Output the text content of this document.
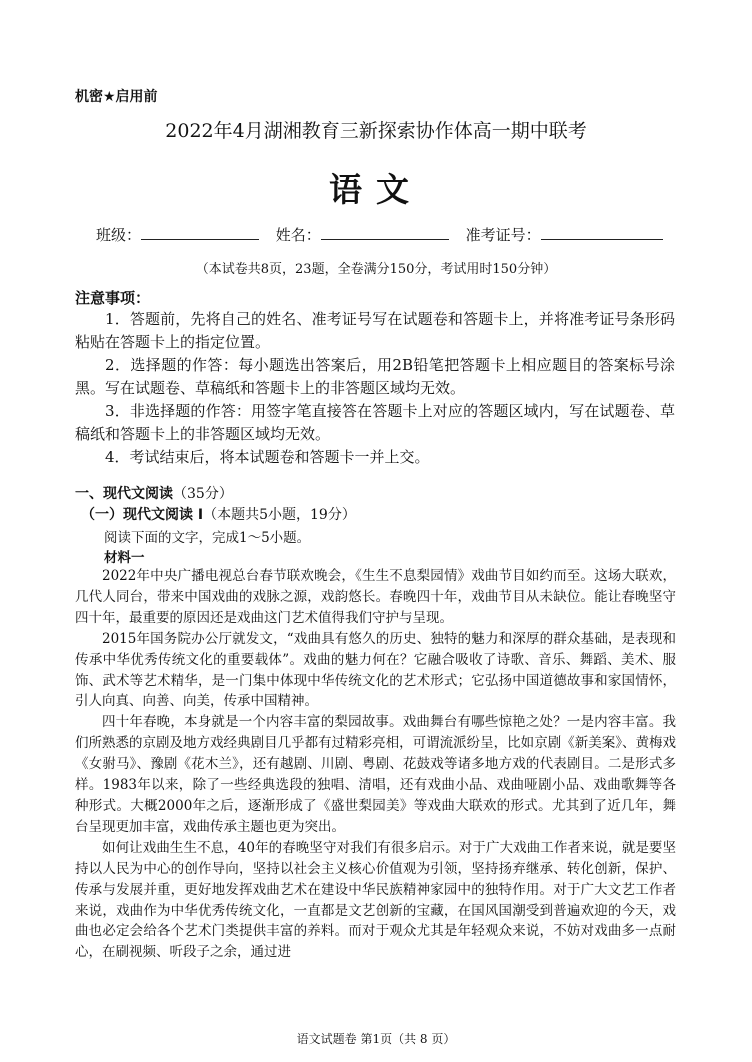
机密★启用前
2022年4月湖湘教育三新探索协作体高一期中联考
语文
班级：	姓名：	准考证号：
（本试卷共8页，23题，全卷满分150分，考试用时150分钟）
注意事项：

1．答题前，先将自己的姓名、准考证号写在试题卷和答题卡上，并将准考证号条形码粘贴在答题卡上的指定位置。

2．选择题的作答：每小题选出答案后，用2B铅笔把答题卡上相应题目的答案标号涂黑。写在试题卷、草稿纸和答题卡上的非答题区域均无效。

3．非选择题的作答：用签字笔直接答在答题卡上对应的答题区域内，写在试题卷、草稿纸和答题卡上的非答题区域均无效。

4．考试结束后，将本试题卷和答题卡一并上交。

一、现代文阅读（35分）
（一）现代文阅读 I（本题共5小题，19分）
阅读下面的文字，完成1～5小题。
材料一

2022年中央广播电视总台春节联欢晚会，《生生不息梨园情》戏曲节目如约而至。这场大联欢，几代人同台，带来中国戏曲的戏脉之源，戏韵悠长。春晚四十年，戏曲节目从未缺位。能让春晚坚守四十年，最重要的原因还是戏曲这门艺术值得我们守护与呈现。

2015年国务院办公厅就发文，“戏曲具有悠久的历史、独特的魅力和深厚的群众基础，是表现和传承中华优秀传统文化的重要载体”。戏曲的魅力何在？它融合吸收了诗歌、音乐、舞蹈、美术、服饰、武术等艺术精华，是一门集中体现中华传统文化的艺术形式；它弘扬中国道德故事和家国情怀，引人向真、向善、向美，传承中国精神。

四十年春晚，本身就是一个内容丰富的梨园故事。戏曲舞台有哪些惊艳之处？一是内容丰富。我们所熟悉的京剧及地方戏经典剧目几乎都有过精彩亮相，可谓流派纷呈，比如京剧《新美案》、黄梅戏《女驸马》、豫剧《花木兰》，还有越剧、川剧、粤剧、花鼓戏等诸多地方戏的代表剧目。二是形式多样。1983年以来，除了一些经典选段的独唱、清唱，还有戏曲小品、戏曲哑剧小品、戏曲歌舞等各种形式。大概2000年之后，逐渐形成了《盛世梨园美》等戏曲大联欢的形式。尤其到了近几年，舞台呈现更加丰富，戏曲传承主题也更为突出。

如何让戏曲生生不息，40年的春晚坚守对我们有很多启示。对于广大戏曲工作者来说，就是要坚持以人民为中心的创作导向，坚持以社会主义核心价值观为引领，坚持扬弃继承、转化创新，保护、传承与发展并重，更好地发挥戏曲艺术在建设中华民族精神家园中的独特作用。对于广大文艺工作者来说，戏曲作为中华优秀传统文化，一直都是文艺创新的宝藏，在国风国潮受到普遍欢迎的今天，戏曲也必定会给各个艺术门类提供丰富的养料。而对于观众尤其是年轻观众来说，不妨对戏曲多一点耐心，在刷视频、听段子之余，通过进

语文试题卷 第1页（共 8 页）
